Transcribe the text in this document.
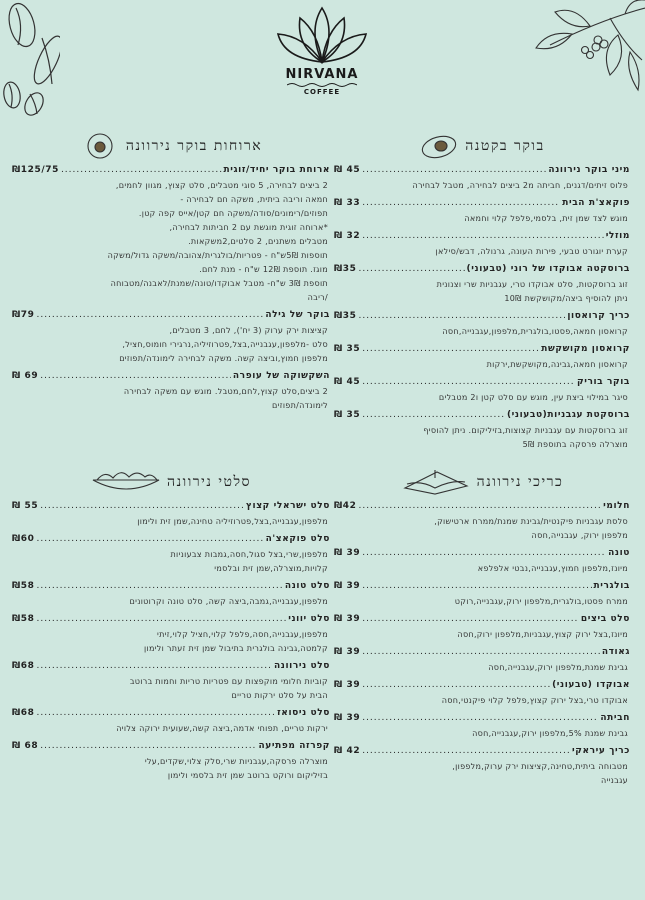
NIRVANA
COFFEE
בוקר בקטנה
מיני בוקר נירוונה
.....
₪ 45
פלוס זיתים/דגנים, חביתה מ2 ביצים לבחירה, מטבל לבחירה
פוקאצ'ת הבית
.....
₪ 33
מוגש לצד שמן זית, בלסמי,פלפל קלוי וחמאה
מוזלי
.....
₪ 32
קערת יוגורט טבעי, פירות העונה, גרנולה, דבש/סילאן
ברוסקטה אבוקדו של רוני (טבעוני)
.....
₪35
זוג ברוסקטות, סלט אבוקדו טרי, עגבניות שרי וצנונית
ניתן להוסיף ביצה/מקושקשת 10₪
כריך קרואסון
.....
₪35
קרואסון חמאה,פסטו,בולגרית,מלפפון,עגבנייה,חסה
קרואסון מקושקשת
.....
₪ 35
קרואסון חמאה,גבינה,מקושקשת,ירקות
בוקר בוריק
.....
₪ 45
סיגר במילוי ביצת עין, מוגש עם סלט קטן ו2 מטבלים
ברוסקטת עגבניות(טבעוני)
.....
₪ 35
זוג ברוסקטות עם עגבניות קצוצות,בזיליקום. ניתן להוסיף
מוצרלה פרסקה בתוספת 5₪
ארוחות בוקר נירוונה
ארוחת בוקר יחיד/זוגית
.....
₪125/75
2 ביצים לבחירה, 5 סוגי מטבלים, סלט קצוץ, מגוון לחמים,
חמאה וריבה ביתית, משקה חם לבחירה -
תפוזים/רימונים/סודה/משקה חם קטן/אייס קפה קטן.
*ארוחה זוגית מוגשת עם 2 חביתות לבחירה,
מטבלים משתנים, 2 סלטים,2משקאות.
תוספות 5₪ש"ח - פטריות/בולגרית/צהובה/משקה גדול/משקה
מוגז. תוספת 12₪ ש"ח - מנת לחם.
תוספת 3₪ ש"ח- מטבל אבוקדו/טונה/שמנת/לאבנה/מטבוחה
/ריבה
בוקר של גילה
.....
₪79
קציצות ירק ערוק (3 יח'), לחם, 3 מטבלים,
סלט -מלפפון,עגבנייה,בצל,פטרוזיליה,נרגירי חומוס,חציל,
מלפפון חמוץ,וביצה קשה. משקה לבחירה לימונדה/תפוזים
השקשוקה של עופרה
.....
₪ 69
2 ביצים,סלט קצוץ,לחם,מטבל. מוגש עם משקה לבחירה
לימונדה/תפוזים
כריכי נירוונה
חלומי
.....
₪42
סלסת עגבניות פיקנטית/גבינת שמנת/ממרח ארטישוק,
מלפפון ירוק, עגבנייה,חסה
טונה
.....
₪ 39
מיונז,מלפפון חמוץ,עגבנייה,נבטי אלפלפא
בולגרית
.....
₪ 39
ממרח פסטו,בולגרית,מלפפון ירוק,עגבנייה,רוקט
סלט ביצים
.....
₪ 39
מיונז,בצל ירוק קצוץ,עגבניות,מלפפון ירוק,חסה
גאודה
.....
₪ 39
גבינת שמנת,מלפפון ירוק,עגבנייה,חסה
אבוקדו (טבעוני)
.....
₪ 39
אבוקדו טרי,בצל ירוק קצוץ,פלפל קלוי פיקנטי,חסה
חביתה
.....
₪ 39
גבינת שמנת 5%,מלפפון ירוק,עגבנייה,חסה
כריך עיראקי
.....
₪ 42
מטבוחה ביתית,טחינה,קציצות ירק ערוק,מלפפון,
עגבנייה
סלטי נירוונה
סלט ישראלי קצוץ
.....
₪ 55
מלפפון,עגבנייה,בצל,פטרוזיליה טחינה,שמן זית ולימון
סלט פוקאצ'ה
.....
₪60
מלפפון,שרי,בצל סגול,חסה,גמבות צבעוניות
קלויות,מוצרלה,שמן זית ובלסמי
סלט טונה
.....
₪58
מלפפון,עגבנייה,גמבה,ביצה קשה, סלט טונה וקרוטונים
סלט יווני
.....
₪58
מלפפון,עגבנייה,חסה,פלפל קלוי,חציל קלוי,זיתי
קלמטה,גבינה בולגרית בתיבול שמן זית זעתר ולימון
סלט נירוונה
.....
₪68
קוביות חלומי מוקפצות עם פטריות טריות וחמות ברוטב
הבית על סלט ירקות טריים
סלט ניסואז
.....
₪68
ירקות טריים, תפוחי אדמה,ביצה קשה,שעועית ירוקה צלויה
קפרזה מפתיעה
.....
₪ 68
מוצרלה פרסקה,עגבניות שרי,סלק צלוי,שקדים,עלי
בזיליקום ורוקט ברוטב שמן זית בלסמי ולימון
